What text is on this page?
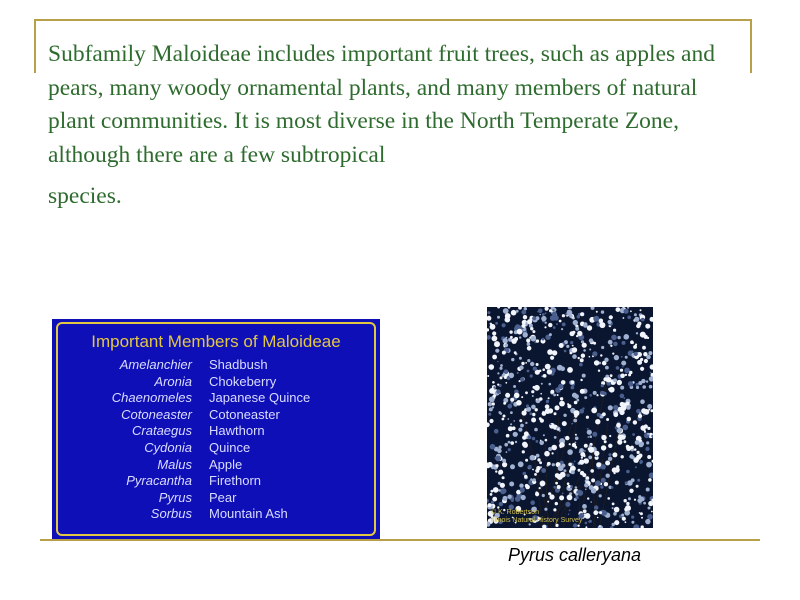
Subfamily Maloideae includes important fruit trees, such as apples and pears, many woody ornamental plants, and many members of natural plant communities. It is most diverse in the North Temperate Zone, although there are a few subtropical
species.
Important Members of Maloideae
Amelanchier Shadbush
Aronia Chokeberry
Chaenomeles Japanese Quince
Cotoneaster Cotoneaster
Crataegus Hawthorn
Cydonia Quince
Malus Apple
Pyracantha Firethorn
Pyrus Pear
Sorbus Mountain Ash	© K. Robertson
Illinois Natural History Survey
Pyrus calleryana
